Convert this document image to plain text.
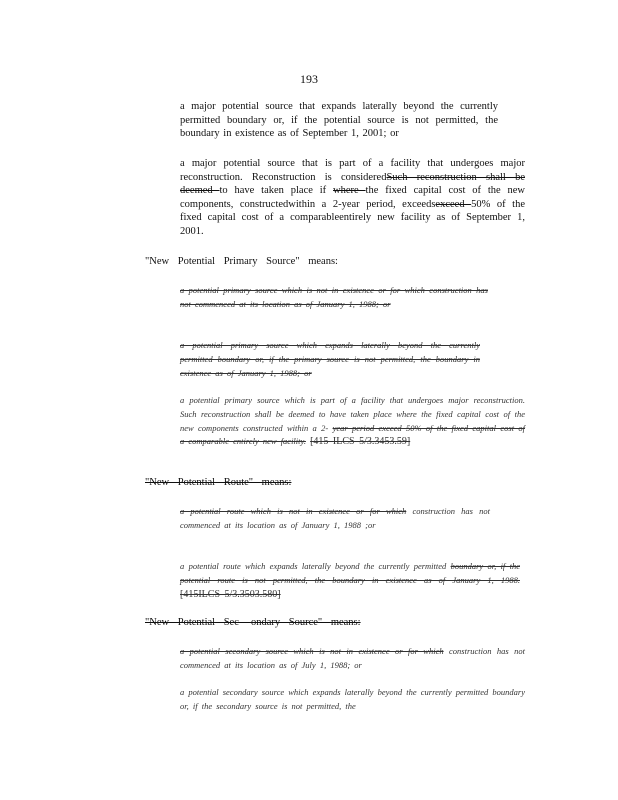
193
a major potential source that expands laterally beyond the currently permitted boundary or, if the potential source is not permitted, the boundary in existence as of September 1, 2001; or
a major potential source that is part of a facility that undergoes major reconstruction. Reconstruction is consideredSuch reconstruction shall be deemed to have taken place if where the fixed capital cost of the new components, constructedwithin a 2-year period, exceedsexceed 50% of the fixed capital cost of a comparableentirely new facility as of September 1, 2001.
"New Potential Primary Source" means:
a potential primary source which is not in existence or for which construction has not commenced at its location as of January 1, 1988; or
a potential primary source which expands laterally beyond the currently permitted boundary or, if the primary source is not permitted, the boundary in existence as of January 1, 1988; or
a potential primary source which is part of a facility that undergoes major reconstruction. Such reconstruction shall be deemed to have taken place where the fixed capital cost of the new components constructed within a 2- year period exceed 50% of the fixed capital cost of a comparable entirely new facility. [415 ILCS 5/3.3453.59]
"New Potential Route" means:
a potential route which is not in existence or for which construction has not commenced at its location as of January 1, 1988 ;or
a potential route which expands laterally beyond the currently permitted boundary or, if the potential route is not permitted, the boundary in existence as of January 1, 1988. [415ILCS 5/3.3503.580]
"New Potential Sec- ondary Source" means:
a potential secondary source which is not in existence or for which construction has not commenced at its location as of July 1, 1988; or
a potential secondary source which expands laterally beyond the currently permitted boundary or, if the secondary source is not permitted, the
